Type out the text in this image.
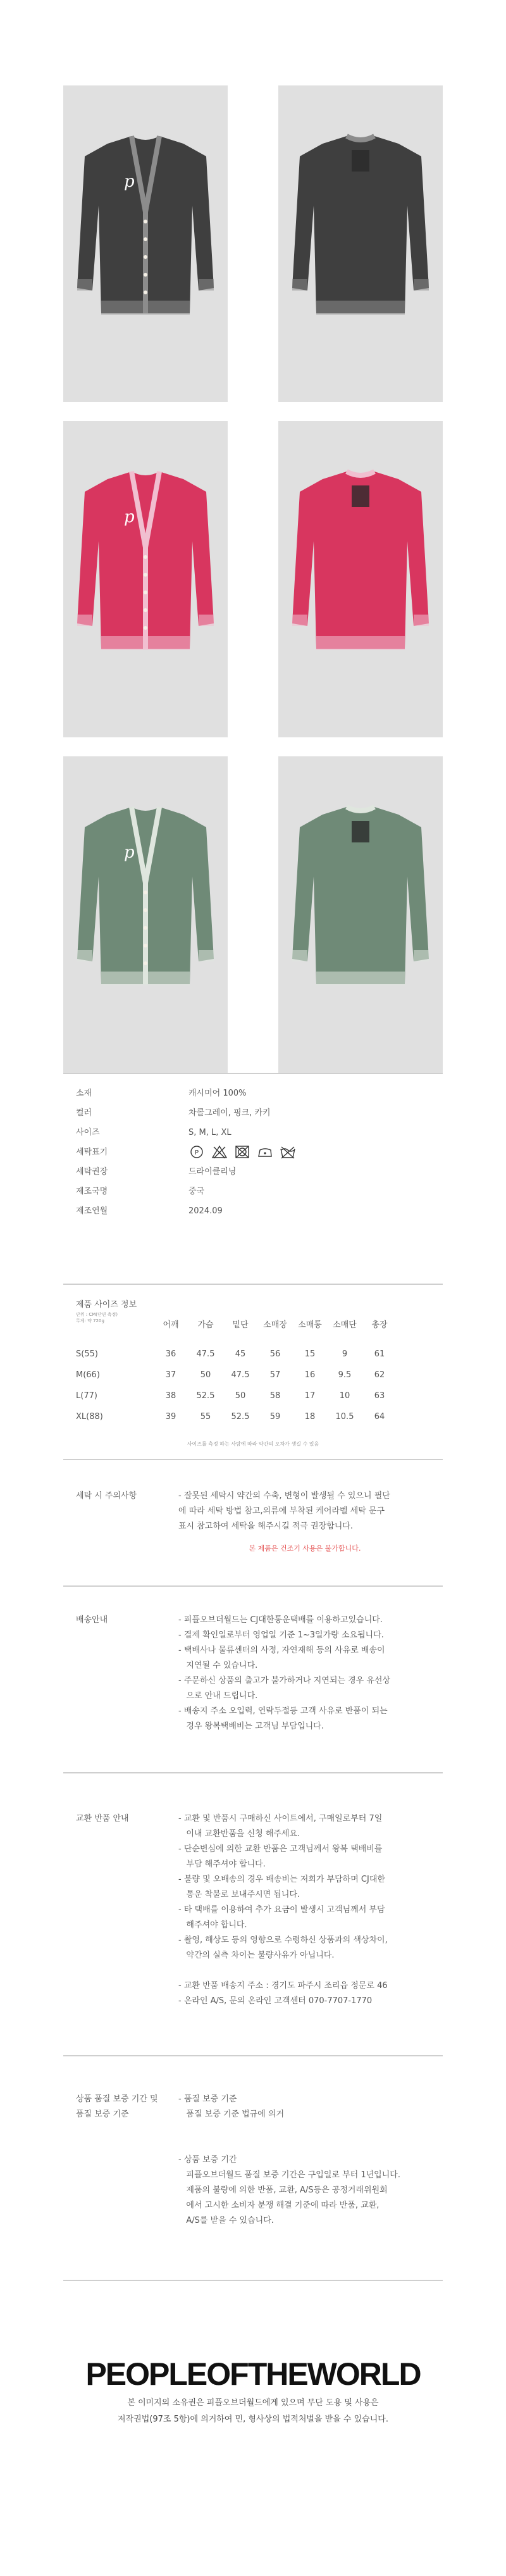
p
p
p
소재	캐시미어 100%
컬러	차콜그레이, 핑크, 카키
사이즈	S, M, L, XL
세탁표기
세탁권장	드라이클리닝
제조국명	중국
제조연월	2024.09
P
제품 사이즈 정보
단위 : CM(단면 측정)
무게: 약 720g	어깨	가슴	밑단	소매장	소매통	소매단	총장
S(55)	36	47.5	45	56	15	9	61
M(66)	37	50	47.5	57	16	9.5	62
L(77)	38	52.5	50	58	17	10	63
XL(88)	39	55	52.5	59	18	10.5	64
사이즈를 측정 하는 사람에 따라 약간의 오차가 생길 수 있음
세탁 시 주의사항	- 잘못된 세탁시 약간의 수축, 변형이 발생될 수 있으니 필단
에 따라 세탁 방법 참고,의류에 부착된 케어라벨 세탁 문구
표시 참고하여 세탁을 해주시길 적극 권장합니다.
본 제품은 건조기 사용은 불가합니다.
배송안내	- 피플오브더월드는 CJ대한통운택배를 이용하고있습니다.
- 결제 확인일로부터 영업일 기준 1~3일가량 소요됩니다.
- 택배사나 물류센터의 사정, 자연재해 등의 사유로 배송이
지연될 수 있습니다.
- 주문하신 상품의 출고가 불가하거나 지연되는 경우 유선상
으로 안내 드립니다.
- 배송지 주소 오입력, 연락두절등 고객 사유로 반품이 되는
경우 왕복택배비는 고객님 부담입니다.
교환 반품 안내	- 교환 및 반품시 구매하신 사이트에서, 구매일로부터 7일
이내 교환반품을 신청 해주세요.
- 단순변심에 의한 교환 반품은 고객님께서 왕복 택배비를
부담 해주셔야 합니다.
- 불량 및 오배송의 경우 배송비는 저희가 부담하며 CJ대한
통운 착불로 보내주시면 됩니다.
- 타 택배를 이용하여 추가 요금이 발생시 고객님께서 부담
해주셔야 합니다.
- 촬영, 해상도 등의 영향으로 수령하신 상품과의 색상차이,
약간의 실측 차이는 불량사유가 아닙니다.

- 교환 반품 배송지 주소 : 경기도 파주시 조리읍 정문로 46
- 온라인 A/S, 문의 온라인 고객센터 070-7707-1770
상품 품질 보증 기간 및
품질 보증 기준
- 품질 보증 기준
품질 보증 기준 법규에 의거

- 상품 보증 기간
피플오브더월드 품질 보증 기간은 구입일로 부터 1년입니다.
제품의 불량에 의한 반품, 교환, A/S등은 공정거래위원회
에서 고시한 소비자 분쟁 해결 기준에 따라 반품, 교환,
A/S를 받을 수 있습니다.
PEOPLEOFTHEWORLD
본 이미지의 소유권은 피플오브더월드에게 있으며 무단 도용 및 사용은
저작권법(97조 5항)에 의거하여 민, 형사상의 법적처벌을 받을 수 있습니다.
